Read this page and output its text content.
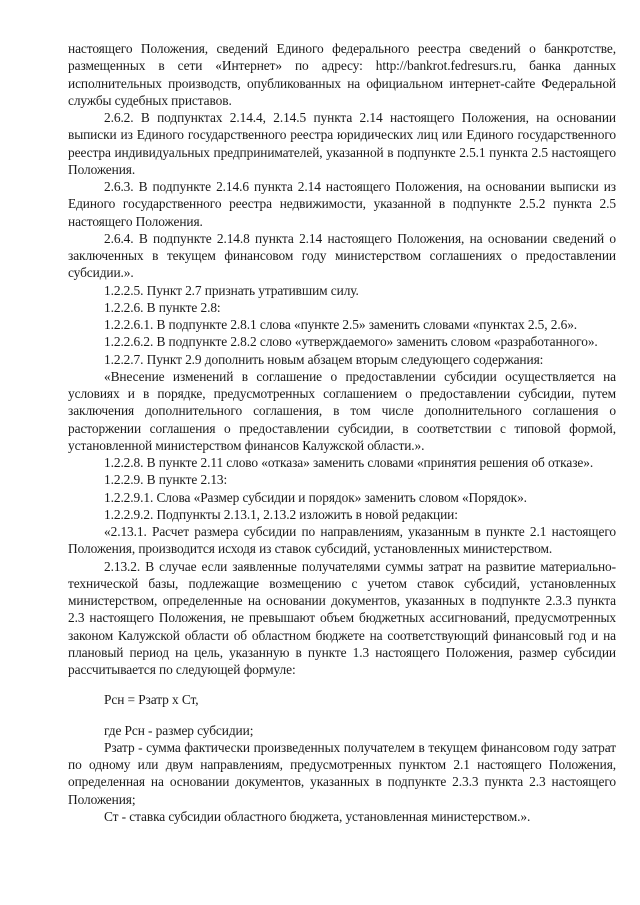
настоящего Положения, сведений Единого федерального реестра сведений о банкротстве, размещенных в сети «Интернет» по адресу: http://bankrot.fedresurs.ru, банка данных исполнительных производств, опубликованных на официальном интернет-сайте Федеральной службы судебных приставов.

2.6.2. В подпунктах 2.14.4, 2.14.5 пункта 2.14 настоящего Положения, на основании выписки из Единого государственного реестра юридических лиц или Единого государственного реестра индивидуальных предпринимателей, указанной в подпункте 2.5.1 пункта 2.5 настоящего Положения.

2.6.3. В подпункте 2.14.6 пункта 2.14 настоящего Положения, на основании выписки из Единого государственного реестра недвижимости, указанной в подпункте 2.5.2 пункта 2.5 настоящего Положения.

2.6.4. В подпункте 2.14.8 пункта 2.14 настоящего Положения, на основании сведений о заключенных в текущем финансовом году министерством соглашениях о предоставлении субсидии.».

1.2.2.5. Пункт 2.7 признать утратившим силу.

1.2.2.6. В пункте 2.8:

1.2.2.6.1. В подпункте 2.8.1 слова «пункте 2.5» заменить словами «пунктах 2.5, 2.6».

1.2.2.6.2. В подпункте 2.8.2 слово «утверждаемого» заменить словом «разработанного».

1.2.2.7. Пункт 2.9 дополнить новым абзацем вторым следующего содержания:

«Внесение изменений в соглашение о предоставлении субсидии осуществляется на условиях и в порядке, предусмотренных соглашением о предоставлении субсидии, путем заключения дополнительного соглашения, в том числе дополнительного соглашения о расторжении соглашения о предоставлении субсидии, в соответствии с типовой формой, установленной министерством финансов Калужской области.».

1.2.2.8. В пункте 2.11 слово «отказа» заменить словами «принятия решения об отказе».

1.2.2.9. В пункте 2.13:

1.2.2.9.1. Слова «Размер субсидии и порядок» заменить словом «Порядок».

1.2.2.9.2. Подпункты 2.13.1, 2.13.2 изложить в новой редакции:

«2.13.1. Расчет размера субсидии по направлениям, указанным в пункте 2.1 настоящего Положения, производится исходя из ставок субсидий, установленных министерством.

2.13.2. В случае если заявленные получателями суммы затрат на развитие материально-технической базы, подлежащие возмещению с учетом ставок субсидий, установленных министерством, определенные на основании документов, указанных в подпункте 2.3.3 пункта 2.3 настоящего Положения, не превышают объем бюджетных ассигнований, предусмотренных законом Калужской области об областном бюджете на соответствующий финансовый год и на плановый период на цель, указанную в пункте 1.3 настоящего Положения, размер субсидии рассчитывается по следующей формуле:

Рсн = Рзатр х Ст,

где Рсн - размер субсидии;

Рзатр - сумма фактически произведенных получателем в текущем финансовом году затрат по одному или двум направлениям, предусмотренных пунктом 2.1 настоящего Положения, определенная на основании документов, указанных в подпункте 2.3.3 пункта 2.3 настоящего Положения;

Ст - ставка субсидии областного бюджета, установленная министерством.».
